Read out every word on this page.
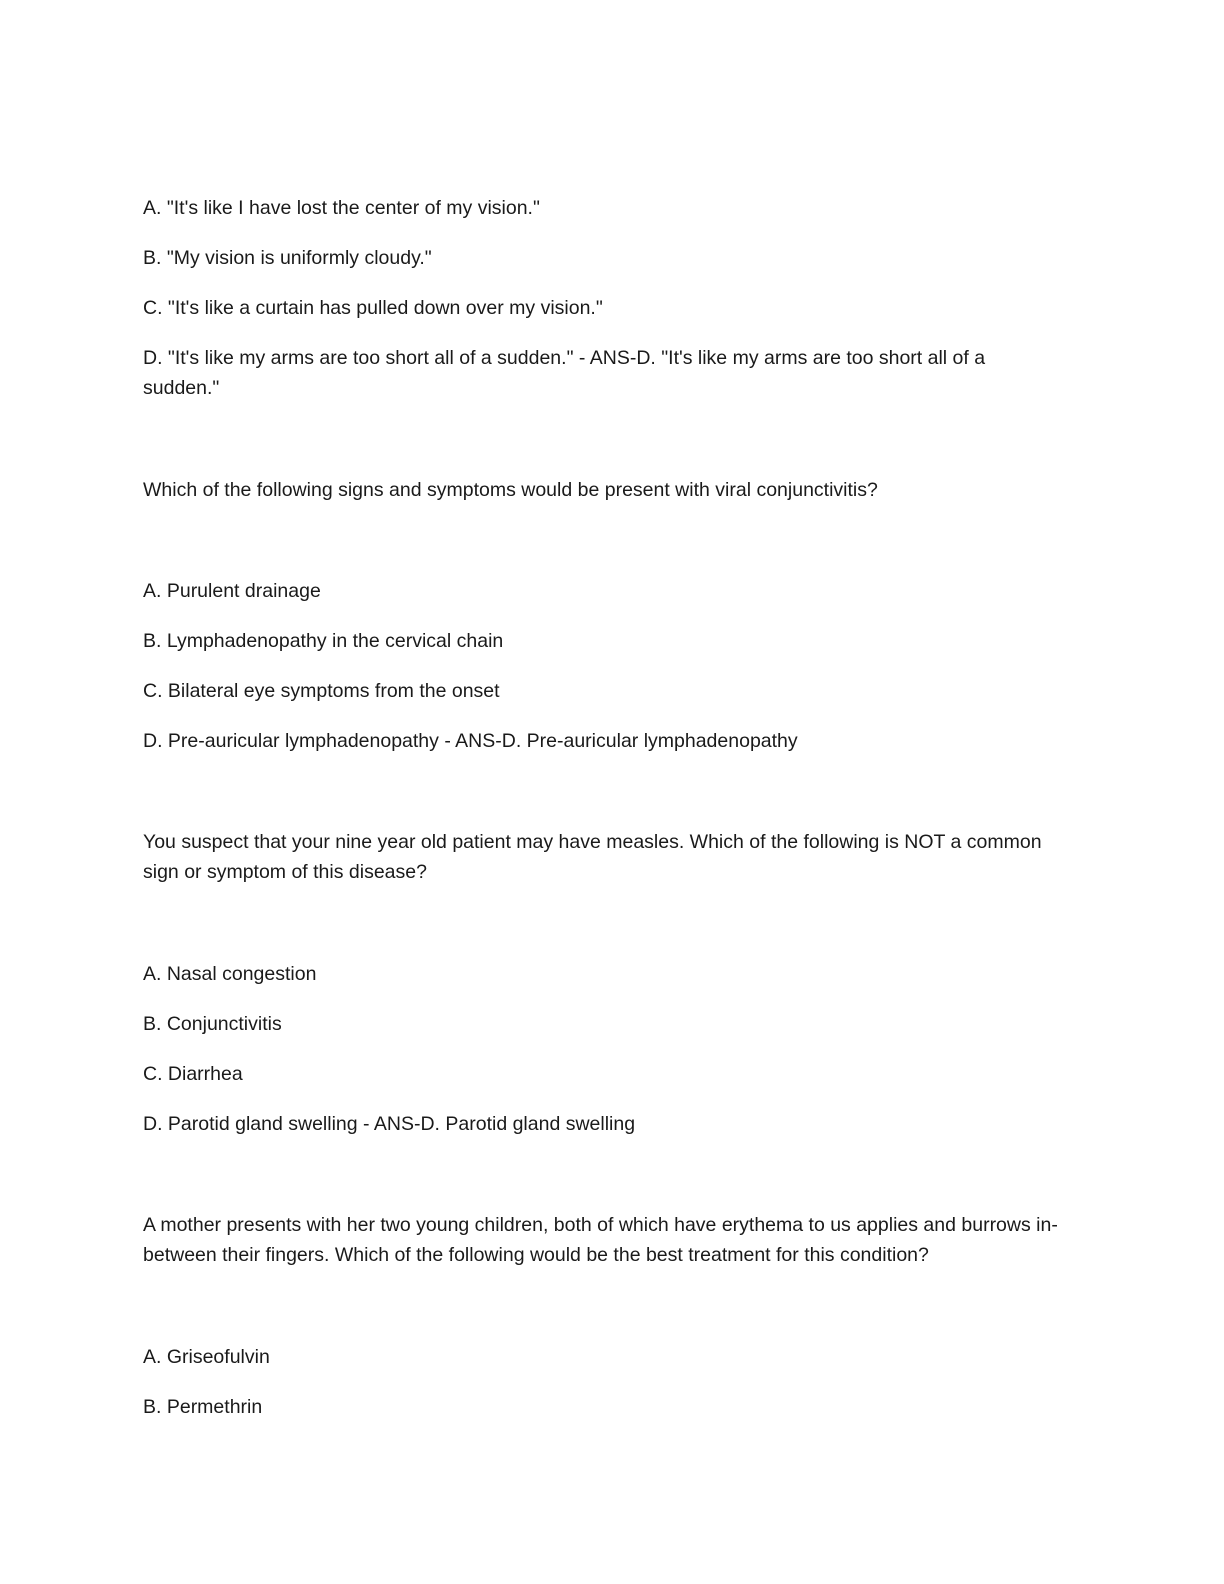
A. "It's like I have lost the center of my vision."

B. "My vision is uniformly cloudy."

C. "It's like a curtain has pulled down over my vision."

D. "It's like my arms are too short all of a sudden." - ANS-D. "It's like my arms are too short all of a sudden."

Which of the following signs and symptoms would be present with viral conjunctivitis?

A. Purulent drainage

B. Lymphadenopathy in the cervical chain

C. Bilateral eye symptoms from the onset

D. Pre-auricular lymphadenopathy - ANS-D. Pre-auricular lymphadenopathy

You suspect that your nine year old patient may have measles. Which of the following is NOT a common sign or symptom of this disease?

A. Nasal congestion

B. Conjunctivitis

C. Diarrhea

D. Parotid gland swelling - ANS-D. Parotid gland swelling

A mother presents with her two young children, both of which have erythema to us applies and burrows in-between their fingers. Which of the following would be the best treatment for this condition?

A. Griseofulvin

B. Permethrin
